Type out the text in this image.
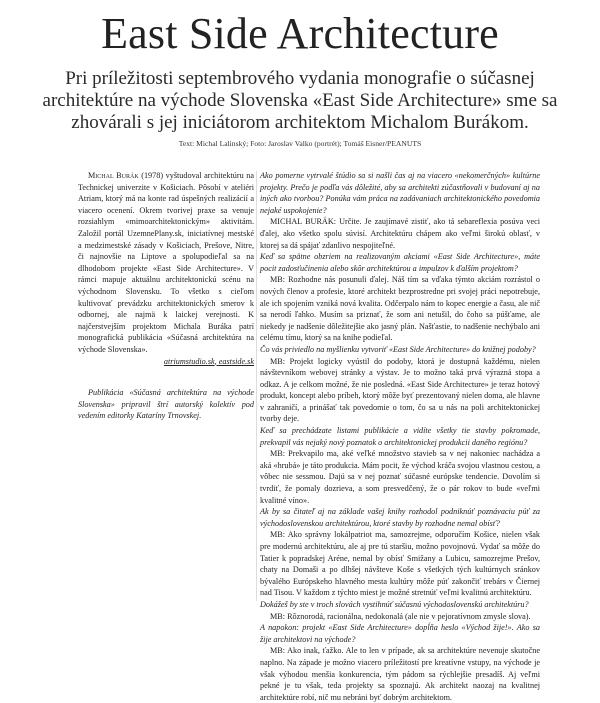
East Side Architecture
Pri príležitosti septembrového vydania monografie o súčasnej architektúre na východe Slovenska «East Side Architecture» sme sa zhovárali s jej iniciátorom architektom Michalom Burákom.
Text: Michal Lalinský; Foto: Jaroslav Valko (portrét); Tomáš Eisner/PEANUTS

Michal Burák (1978) vyštudoval architektúru na Technickej univerzite v Košiciach. Pôsobí v ateliéri Atriam, ktorý má na konte rad úspešných realizácií a viacero ocenení. Okrem tvorivej praxe sa venuje rozsiahlym «mimoarchitektonickým» aktivitám. Založil portál UzemnePlany.sk, iniciatívnej mestské a medzimestské zásady v Košiciach, Prešove, Nitre, či najnovšie na Liptove a spolupodieľal sa na dlhodobom projekte «East Side Architecture». V rámci mapuje aktuálnu architektonickú scénu na východnom Slovensku. To všetko s cieľom kultivovať prevádzku architektonických smerov k odbornej, ale najmä k laickej verejnosti. K najčerstvejším projektom Michala Buráka patrí monografická publikácia «Súčasná architektúra na východe Slovenska».

atriumstudio.sk, eastside.sk

Publikácia «Súčasná architektúra na východe Slovenska» pripravil štrí autorský kolektív pod vedením editorky Kataríny Trnovskej.

Ako pomerne vytrvalé štúdio sa si našli čas aj na viacero «nekomerčných» kultúrne projekty. Prečo je podľa vás dôležité, aby sa architekti zúčastňovali v budovaní aj na iných ako tvorbou? Ponúka vám práca na zadávaniach architektonického povedomia nejaké uspokojenie?

MICHAL BURÁK: Určite. Je zaujímavé zistiť, ako tá sebareflexia posúva veci ďalej, ako všetko spolu súvisí. Architektúru chápem ako veľmi širokú oblasť, v ktorej sa dá spájať zdanlivo nespojiteľné.

Keď sa spätne obzriem na realizovaným akciami «East Side Architecture», máte pocit zadosťučinenia alebo skôr architektúrou a impulzov k ďalším projektom?

MB: Rozhodne nás posunuli ďalej. Náš tím sa vďaka týmto akciám rozrástol o nových členov a profesie, ktoré architekt bezprostredne pri svojej práci nepotrebuje, ale ich spojením vzniká nová kvalita. Odčerpalo nám to kopec energie a času, ale nič sa nerodí ľahko. Musím sa priznať, že som ani netušil, do čoho sa púšťame, ale niekedy je nadšenie dôležitejšie ako jasný plán. Našťastie, to nadšenie nechýbalo ani celému tímu, ktorý sa na knihe podieľal.

Čo vás priviedlo na myšlienku vytvoriť «East Side Architecture» do knižnej podoby?

MB: Projekt logicky vyústil do podoby, ktorá je dostupná každému, nielen návštevníkom webovej stránky a výstav. Je to možno taká prvá výrazná stopa a odkaz. A je celkom možné, že nie posledná. «East Side Architecture» je teraz hotový produkt, koncept alebo príbeh, ktorý môže byť prezentovaný nielen doma, ale hlavne v zahraničí, a prinášať tak povedomie o tom, čo sa u nás na poli architektonickej tvorby deje.

Keď sa prechádzate listami publikácie a vidíte všetky tie stavby pokromade, prekvapil vás nejaký nový poznatok o architektonickej produkcii daného regiónu?

MB: Prekvapilo ma, aké veľké množstvo stavieb sa v nej nakoniec nachádza a aká «hrubá» je táto produkcia. Mám pocit, že východ kráča svojou vlastnou cestou, a vôbec nie sessmou. Dajú sa v nej poznať súčasné európske tendencie. Dovolím si tvrdiť, že pomaly dozrieva, a som presvedčený, že o pár rokov to bude «veľmi kvalitné víno».

Ak by sa čitateľ aj na základe vašej knihy rozhodol podniknúť poznávaciu púť za východoslovenskou architektúrou, ktoré stavby by rozhodne nemal obísť?

MB: Ako správny lokálpatriot ma, samozrejme, odporučím Košice, nielen však pre modernú architektúru, ale aj pre tú staršiu, možno povojnovú. Vydať sa môže do Tatier k popradskej Aréne, nemal by obísť Smižany a Lubicu, samozrejme Prešov, chaty na Domaši a po dlhšej návšteve Koše s všetkých tých kultúrnych sránkov bývalého Európskeho hlavného mesta kultúry môže púť zakončiť trebárs v Čiernej nad Tisou. V každom z týchto miest je možné stretnúť veľmi kvalitnú architektúru.

Dokážeš by ste v troch slovách vystihnúť súčasnú východoslovenskú architektúru?

MB: Rôznorodá, racionálna, nedokonalá (ale nie v pejoratívnom zmysle slova).

A napokon: projekt «East Side Architecture» dopĺňa heslo «Východ žije!». Ako sa žije architektovi na východe?

MB: Ako inak, ťažko. Ale to len v prípade, ak sa architektúre nevenuje skutočne naplno. Na západe je možno viacero príležitostí pre kreatívne vstupy, na východe je však výhodou menšia konkurencia, tým pádom sa rýchlejšie presadíš. Aj veľmi pekné je tu však, teda projekty sa spoznajú. Ak architekt naozaj na kvalitnej architektúre robí, nič mu nebráni byť dobrým architektom.
